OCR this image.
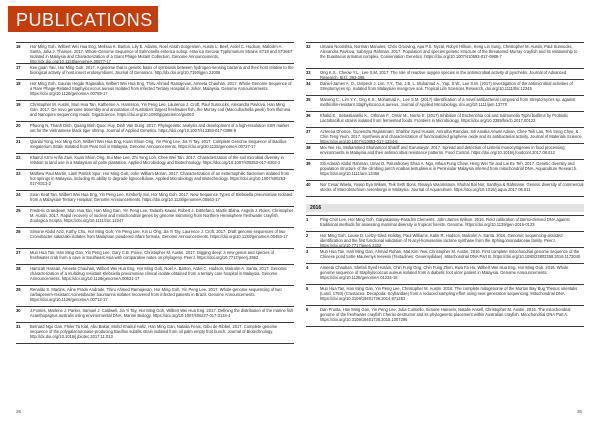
PUBLICATIONS
16	Hor Ming Goh, Wilbert Wei Hua Eng, Melissa K. Barton, Lily E. Adams, Noel Abrah Sorgensen, Austin L. Beef, Ardel C. Hudson, Malcolm A. Santa, Julia J. Thames. 2017. Whole-Genome Sequence of Salmonella enterica subsp. enterica Serovar Typhimurium Strains ST19 and ST3667 Isolated in Malaysia and Characterization of a Giant Phage Mutant Collection. Genome Announcements, http://dx.doi.org/10.1128/genomeA.00877-17
17	Kee guan Yau, Hor Ming Goh. 2017. A genome that is genetic basis of symbiosis between hydrogen-sensing bacteria and their host relative to the biological activity of host insect endosymbiont. Journal of Genomics. http://dx.doi.org/10.7150/jgen.21006
18	Hor Ming Goh, Gaurav Hegde Rajanaika, Wilbert Wei Hua Eng, Thiru Ahmed Ramajevan, Ameeta Chauhan. 2017. Whole-Genome Sequence of a Rare Phage-Related Staphylococcus aureus Isolated from Infected Tertiary Hospital in Johor, Malaysia. Genome Announcements. https://doi.org/10.1128/genomeA.00789-17
19	Christopher M. Austin, Mun Hua Tan, Katherine A. Harrisson, Yin Peng Lee, Laurence J. Croft, Paul Sunnucks, Alexandra Pavlova, Han Ming Gan. 2017. De novo genome assembly and annotation of Australia's largest freshwater fish, the Murray cod (Maccullochella peelii) from Illumina and Nanopore sequencing reads. GigaScience. https://doi.org/10.1093/gigascience/gix063
20	Phuong N, Thanh Dinh, Quang Binh Quoc Huy, Dinh Van Dung. 2017. Phylogenetic analysis and development of a high-resolution SSR marker set for the Vietnamese black tiger shrimp. Journal of Applied Genetics. https://doi.org/10.1007/s13353-017-0398-9
21	Qianlai Yong, Hor Ming Goh, Wilbert Wei Hua Eng, Kuan Shion Ong, Yin Peng Lee, Jia Yi Tay. 2017. Complete Genome Sequence of Bacillus megaterium Strain Isolated from Peat Soil in Malaysia. Genome Announcements, https://doi.org/10.1128/genomeA.00727-17
22	Khairul Azmi Arifin Zain, Kuan Shion Ong, Sui Mae Lee, Zhi Yong Loh, Chee Wei Tan. 2017. Characterization of the soil microbial diversity in relation to land use in a Malaysian oil palm plantation. Applied Microbiology and Biotechnology. https://doi.org/10.1007/s00253-017-8402-2
23	Mathew Paul Martin, Liam Patrick Spur, Hor Ming Goh, John William Moran. 2017. Characterization of an extremophilic bacterium isolated from hot springs in Malaysia, including its ability to degrade lignocellulose. Applied Microbiology and Biotechnology. https://doi.org/10.1007/s00253-017-8313-2
24	Soon Keat Tan, Wilbert Wei Hua Eng, Yin Peng Lee, Kimberly Sui, Hor Ming Goh. 2017. New Sequence Types of Klebsiella pneumoniae Isolated from a Malaysian Tertiary Hospital. Genome Announcements. https://doi.org/10.1128/genomeA.00563-17
25	Frederic Grandjean, Mun Hua Tan, Han Ming Gan, Yin Peng Lee, Tadashi Kawai, Robert J. DiStefano, Martin Blaha, Angela J. Roles, Christopher M. Austin. 2017. Rapid recovery of nuclear and mitochondrial genes by genome skimming from Northern Hemisphere freshwater crayfish. Zoologica Scripta. https://doi.org/10.1111/zsc.12247
26	Simone Abdul Aziz, Kathy Chu, Hor Ming Goh, Yin Peng Lee, Kin Li Ong, Jia Yi Tay, Laurence J. Croft. 2017. Draft genome sequences of two Cronobacter sakazakii isolates from Malaysian powdered infant formula. Genome Announcements. https://doi.org/10.1128/genomeA.00453-17
27	Mun Hua Tan, Han Ming Gan, Yin Peng Lee, Gary C.B. Poore, Christopher M. Austin. 2017. Digging deep: a new genus and species of freshwater crab from a cave in Southeast Asia with comparative notes on phylogeny. PeerJ. https://doi.org/10.7717/peerj.3963
28	Hamzah Hassan, Ameeta Chauhan, Wilbert Wei Hua Eng, Hor Ming Goh, Noel A. Barton, Ardel C. Hudson, Malcolm A. Santa. 2017. Genomic characterization of a multidrug resistant Klebsiella pneumoniae clinical isolate obtained from a tertiary care hospital in Malaysia. Genome Announcements. https://doi.org/10.1128/genomeA.00531-17
29	Renaldo S. Martins, Aline Prado Andrade, Thiru Ahmed Ramajevan, Hor Ming Goh, Yin Peng Lee. 2017. Whole-genome sequencing of two carbapenem-resistant Acinetobacter baumannii isolates recovered from infected patients in Brazil. Genome Announcements. https://doi.org/10.1128/genomeA.00712-17
30	J.Fontes, Marlene J. Parker, Samuel J. Caldwell, Jia Yi Tay, Hor Ming Goh, Wilbert Wei Hua Eng. 2017. Defining the distribution of the marine fish Acanthopagrus australis using environmental DNA. Marine Biology. https://doi.org/10.1007/s00227-017-3134-4
31	Bernard Ngo Gan, Fhiler Ta Kiat, Abu Bakar, Mohd Khairul Hafiz, Han Ming Gan, Natalia Fenix, Gibu de Ribbel, 2017. Complete genome sequence of the polygalacturonase-producing Bacillus subtilis strain isolated from oil palm empty fruit bunch. Journal of Biotechnology. http://dx.doi.org/10.1016/j.jbiotec.2017.11.013
32	Umaira Noorishta, Norman Manules, Chris Grooving, Apa P.S. Nyzal, Robyn Hillson, Keng Lin Sung, Christopher M. Austin, Paul Sunnucks, Alexandra Pavlova, Sabriyya Rahman. 2017. Population and species genetic structure of the threatened Murray crayfish and its relationship to the Euastacus armatus complex. Conservation Genetics. https://doi.org/10.1007/s10592-017-0988-7
33	Ong K.S., Cheow Y.L., Lee S.M. 2017. The role of reactive oxygen species in the antimicrobial activity of pyochelin. Journal of Advanced Research. 8(4): 393-398.
34	Daniel-James A. D., Delpech J. Lim, Y.Y., Tan, J.B. L. Muhamad A., Yap, S.W., Lee S.M. (2017) Investigation of the antimicrobial activities of Streptomyces sp. isolated from Malaysian mangrove soil. Tropical Life Sciences Research. doi.org/10.1111/tlsr.12345
35	Maneng C., Lim Y.Y., Ong K.S., Mohamad A., Lee S.M. (2017) Identification of a novel antibacterial compound from Streptomyces sp. against methicillin-resistant Staphylococcus aureus. Journal of Applied Microbiology. doi.org/10.1111/jam.13770
36	Khalid E., Sebastianello K., Othman F., Omar M., Nurse E. (2017) Inhibition of Escherichia coli and Salmonella Typhi biofilms by Probiotic Lactobacillus strains isolated from fermented foods. Frontiers in Microbiology. https://doi.org/10.3389/fmicb.2017.00123
37	Azreena Dhonoe, Gunendra Rajaratnam, Shahbir Syed Husain, Amrutha Ramdas, Siti Amalia Anwar Adnan, Chee Teik Lau, Teh Seng Chye, & Chin Teng Yeoh. 2017. Synthesis and characterization of functionalized graphene oxide and its antibacterial activity. Journal of Materials Science. https://doi.org/10.1007/s10853-017-1234-5
38	Mei Yee Ho, Mohammed Shuhamool Shariff and Gurunaiyar. 2017. Spread and detection of Listeria monocytogenes in food processing environments in Malaysia and their antimicrobial resistance patterns. Food Control. https://doi.org/10.1016/j.foodcont.2017.08.012
39	Siti Adarah Abdul Rahman, Umar D. Palumboney Ehsa A. Ngo, Mhua Fung Chew, Heng Wei Tie and Lai Ee Teh. 2017. Genetic diversity and population structure of the climbing perch Anabas testudineus in Peninsular Malaysia inferred from mitochondrial DNA. Aquaculture Research. https://doi.org/10.1111/are.13456
40	Nor Cesar Waela, Yosep Eya Wiliam, Teik Seth Bons, Rinaiya Vasomatura, Shuhal Bal Nor, Santhya & Rahmane. Genetic diversity of commercial stocks of Macrobrachium rosenbergii in Malaysia. Journal of Aquaculture. https://doi.org/10.1016/j.aqua.2017.05.011
2016
1	Ping-Chin Lee, Hor Ming Goh, Gaiyakassay-Paradim Clements, John James Wilson. 2016. Field calibration of Bento-derived DNA against traditional methods for assessing mammal diversity in tropical forests. Genome. https://doi.org/10.1139/gen-2016-0123
2	Hor Ming Goh, Louse D. Lietzy-Siled Holiday, Paul Williams, Katie R. Hudson, Malcolm A. Santa. 2016. Genomic sequencing-assisted identification and the first functional validation of N-acyl-homoserine lactone synthase from the Sphingomonadaceae family. PeerJ. https://doi.org/10.7717/peerj.2332
3	Mun Hua Tan, Han Ming Gan, Ahmad Rohan, Mat Kim Yew, Christopher M. Austin. 2016. First complete mitochondrial genome sequence of the Chinese pond turtle Mauremys reevesii (Testudines: Geoemydidae). Mitochondrial DNA Part B. https://doi.org/10.1080/23802359.2016.1172040
4	Ameeta Chauhan, Shefali Syed Husain, Chin Fung Ong, Chin Fung Zhen, Kwa Fa Ho, Wilbert Wei Hua Eng, Hor Ming Goh. 2016. Whole genome sequence of Staphylococcus aureus isolated from a diabetic foot ulcer patient in Malaysia. Genome Announcements. https://doi.org/10.1128/genomeA.01234-16
5	Mun Hua Tan, Han Ming Gan, Yin Peng Lee, Christopher M. Austin. 2016. The complete mitogenome of the Morton Bay Bug Thenus orientalis (Lund, 1793) (Crustacea: Decapoda: Scyllaridae) from a reduced sampling effort using next-generation sequencing. Mitochondrial DNA. https://doi.org/10.3109/19401736.2014.971253
6	Dan Prusta, Han Ming Gan, Yin Peng Lee, Julia Cumiello, Simone Hanselo, Natalie Ansell, Christopher M. Austin. 2016. The mitochondrial genome of the freshwater crayfish Cherax destructor and its phylogenetic placement within Australian crayfish. Mitochondrial DNA Part A. https://doi.org/10.3109/19401736.2015.1007296
36	36
